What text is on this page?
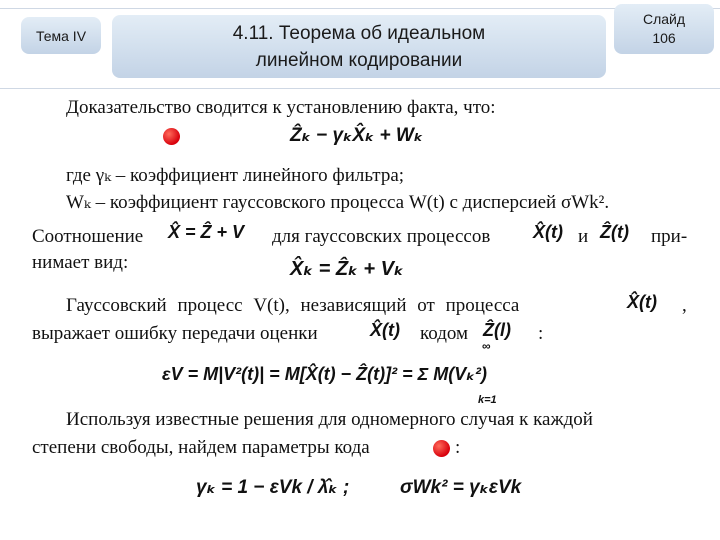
Тема IV	4.11. Теорема об идеальном линейном кодировании
Слайд
106
Доказательство сводится к установлению факта, что:
Ẑₖ − γₖX̂ₖ + Wₖ
где γₖ – коэффициент линейного фильтра;
Wₖ – коэффициент гауссовского процесса W(t) с дисперсией σWk².
Соотношение X̂ = Ẑ + V для гауссовских процессов X̂(t) и Ẑ(t) при-
нимает вид:	X̂ₖ = Ẑₖ + Vₖ
Гауссовский процесс V(t), независящий от процесса	X̂(t) ,
выражает ошибку передачи оценки	X̂(t) кодом Ẑ(l) :
∞
εV = M|V²(t)| = M[X̂(t) − Ẑ(t)]² = Σ M(Vₖ²)
k=1
Используя известные решения для одномерного случая к каждой
степени свободы, найдем параметры кода	:
γₖ = 1 − εVk / λ̂ₖ ;	σWk² = γₖεVk
